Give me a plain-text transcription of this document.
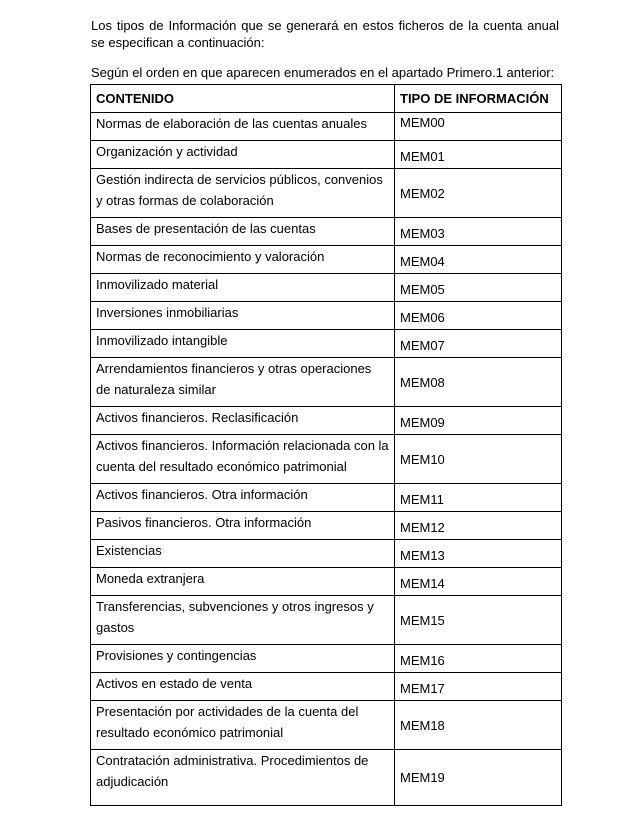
Los tipos de Información que se generará en estos ficheros de la cuenta anual se especifican a continuación:

Según el orden en que aparecen enumerados en el apartado Primero.1 anterior:

CONTENIDO	TIPO DE INFORMACIÓN
Normas de elaboración de las cuentas anuales	MEM00
Organización y actividad	MEM01
Gestión indirecta de servicios públicos, convenios y otras formas de colaboración	MEM02
Bases de presentación de las cuentas	MEM03
Normas de reconocimiento y valoración	MEM04
Inmovilizado material	MEM05
Inversiones inmobiliarias	MEM06
Inmovilizado intangible	MEM07
Arrendamientos financieros y otras operaciones de naturaleza similar	MEM08
Activos financieros. Reclasificación	MEM09
Activos financieros. Información relacionada con la cuenta del resultado económico patrimonial	MEM10
Activos financieros. Otra información	MEM11
Pasivos financieros. Otra información	MEM12
Existencias	MEM13
Moneda extranjera	MEM14
Transferencias, subvenciones y otros ingresos y gastos	MEM15
Provisiones y contingencias	MEM16
Activos en estado de venta	MEM17
Presentación por actividades de la cuenta del resultado económico patrimonial	MEM18
Contratación administrativa. Procedimientos de adjudicación	MEM19
